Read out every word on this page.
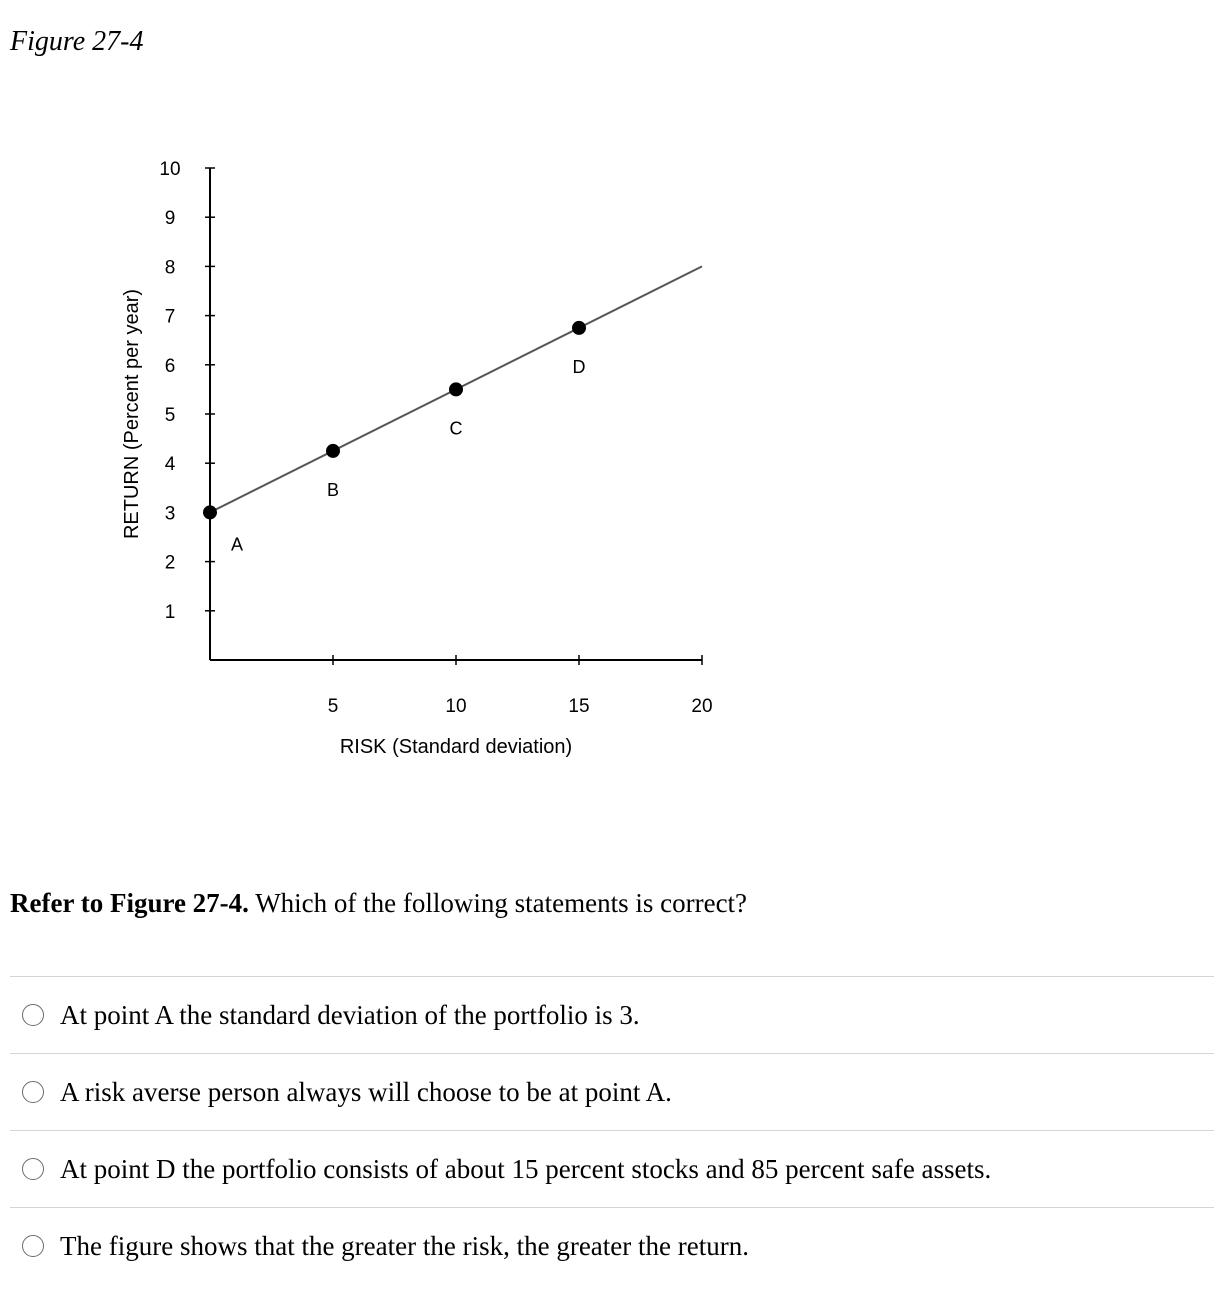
Figure 27-4
1
2
3
4
5
6
7
8
9
10
5	10	15	20
RISK (Standard deviation)
RETURN (Percent per year)
A
B
C
D

Refer to Figure 27-4. Which of the following statements is correct?

At point A the standard deviation of the portfolio is 3.
A risk averse person always will choose to be at point A.
At point D the portfolio consists of about 15 percent stocks and 85 percent safe assets.
The figure shows that the greater the risk, the greater the return.
